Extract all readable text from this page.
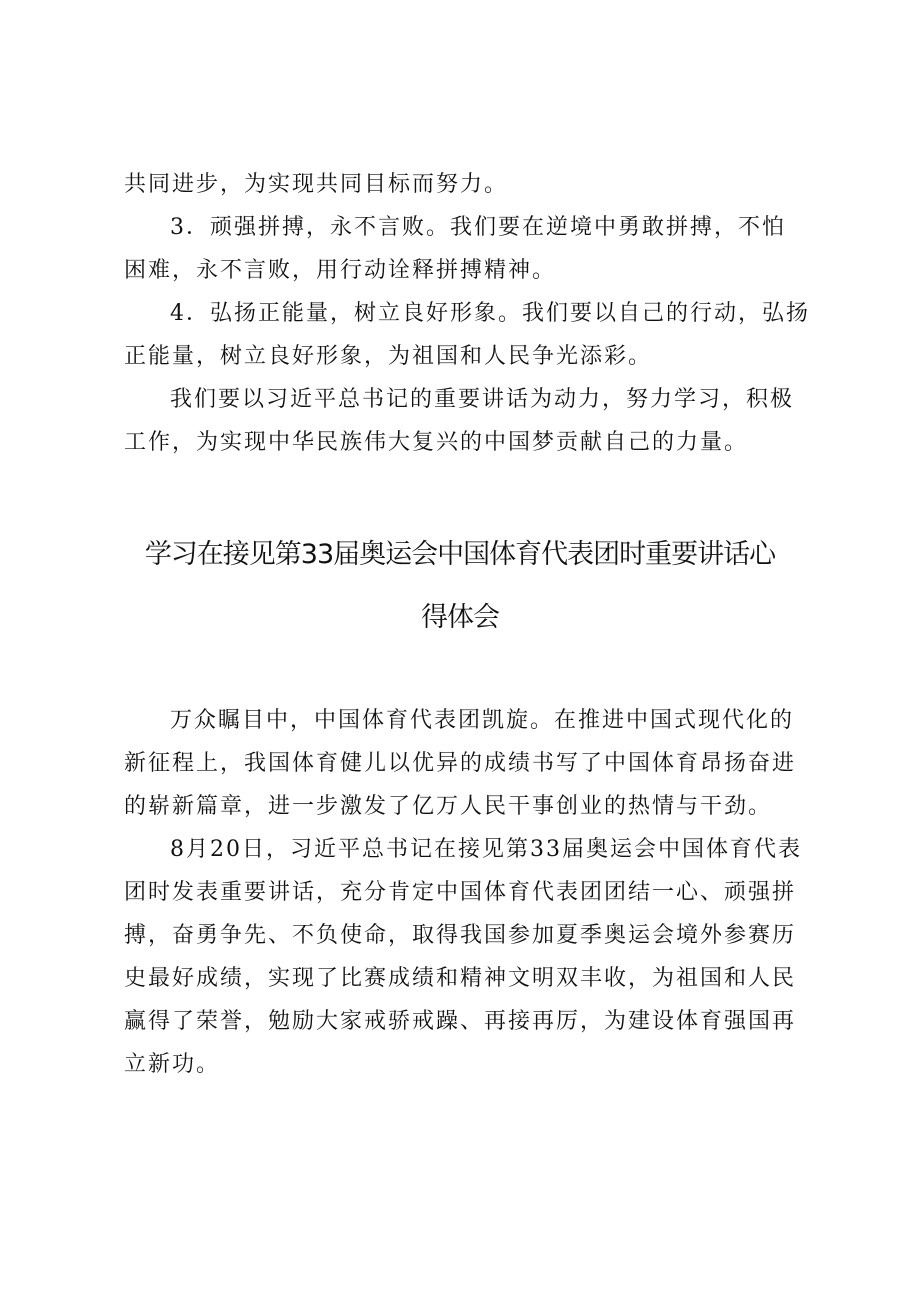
共同进步，为实现共同目标而努力。
3．顽强拼搏，永不言败。我们要在逆境中勇敢拼搏，不怕
困难，永不言败，用行动诠释拼搏精神。
4．弘扬正能量，树立良好形象。我们要以自己的行动，弘扬
正能量，树立良好形象，为祖国和人民争光添彩。
我们要以习近平总书记的重要讲话为动力，努力学习，积极
工作，为实现中华民族伟大复兴的中国梦贡献自己的力量。
学习在接见第33届奥运会中国体育代表团时重要讲话心
得体会
万众瞩目中，中国体育代表团凯旋。在推进中国式现代化的
新征程上，我国体育健儿以优异的成绩书写了中国体育昂扬奋进
的崭新篇章，进一步激发了亿万人民干事创业的热情与干劲。
8月20日，习近平总书记在接见第33届奥运会中国体育代表
团时发表重要讲话，充分肯定中国体育代表团团结一心、顽强拼
搏，奋勇争先、不负使命，取得我国参加夏季奥运会境外参赛历
史最好成绩，实现了比赛成绩和精神文明双丰收，为祖国和人民
赢得了荣誉，勉励大家戒骄戒躁、再接再厉，为建设体育强国再
立新功。
